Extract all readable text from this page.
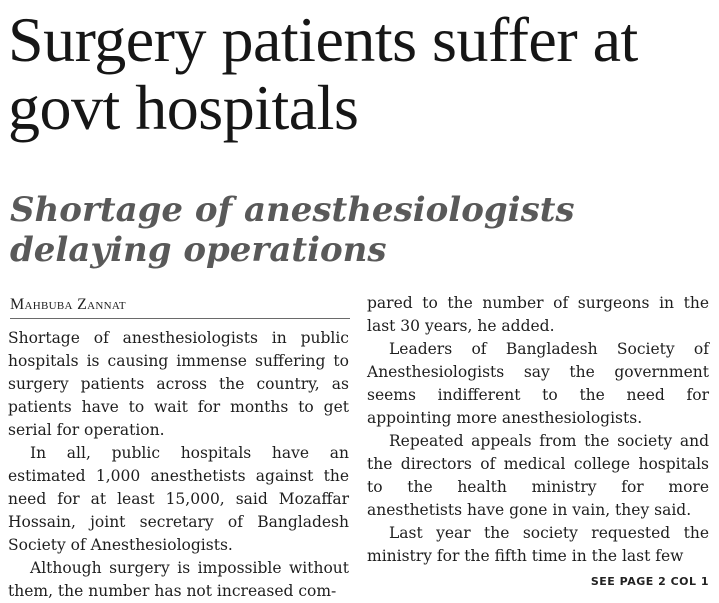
Surgery patients suffer at govt hospitals
Shortage of anesthesiologists delaying operations
Mahbuba Zannat

Shortage of anesthesiologists in public hospitals is causing immense suffering to surgery patients across the country, as patients have to wait for months to get serial for operation.

In all, public hospitals have an estimated 1,000 anesthetists against the need for at least 15,000, said Mozaffar Hossain, joint secretary of Bangladesh Society of Anesthesiologists.

Although surgery is impossible without them, the number has not increased com-

pared to the number of surgeons in the last 30 years, he added.

Leaders of Bangladesh Society of Anesthesiologists say the government seems indifferent to the need for appointing more anesthesiologists.

Repeated appeals from the society and the directors of medical college hospitals to the health ministry for more anesthetists have gone in vain, they said.

Last year the society requested the ministry for the fifth time in the last few

SEE PAGE 2 COL 1
